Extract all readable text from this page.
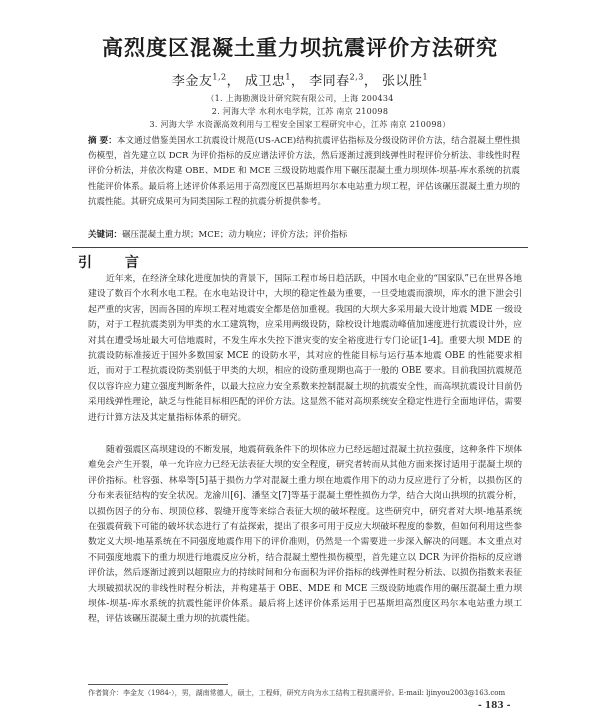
高烈度区混凝土重力坝抗震评价方法研究
李金友$^{1,2}$， 成卫忠$^1$， 李同春$^{2,3}$， 张以胜$^1$
（1. 上海勘测设计研究院有限公司，上海 200434
2. 河海大学 水利水电学院，江苏 南京 210098
3. 河海大学 水资源高效利用与工程安全国家工程研究中心，江苏 南京 210098）
摘 要：本文通过借鉴美国水工抗震设计规范(US-ACE)结构抗震评估指标及分级设防评价方法，结合混凝土塑性损伤模型，首先建立以 DCR 为评价指标的反应谱法评价方法，然后逐渐过渡到线弹性时程评价分析法、非线性时程评价分析法，并依次构建 OBE、MDE 和 MCE 三级设防地震作用下碾压混凝土重力坝坝体-坝基-库水系统的抗震性能评价体系。最后将上述评价体系运用于高烈度区巴基斯坦玛尔本电站重力坝工程，评估该碾压混凝土重力坝的抗震性能。其研究成果可为同类国际工程的抗震分析提供参考。
关键词：碾压混凝土重力坝；MCE；动力响应；评价方法；评价指标
引 言

近年来，在经济全球化进度加快的背景下，国际工程市场日趋活跃，中国水电企业的“国家队”已在世界各地建设了数百个水利水电工程。在水电站设计中，大坝的稳定性最为重要，一旦受地震而溃坝，库水的泄下泄会引起严重的灾害，因而各国的库坝工程对地震安全都是倍加重视。我国的大坝大多采用最大设计地震 MDE 一级设防，对于工程抗震类别为甲类的水工建筑物，应采用两级设防，除校设计地震动峰值加速度进行抗震设计外，应对其在遭受场址最大可信地震时，不发生库水失控下泄灾变的安全裕度进行专门论证[1-4]。重要大坝 MDE 的抗震设防标准接近于国外多数国家 MCE 的设防水平，其对应的性能目标与运行基本地震 OBE 的性能要求相近，而对于工程抗震设防类别低于甲类的大坝，相应的设防重现期也高于一般的 OBE 要求。目前我国抗震规范仅以容许应力建立强度判断条件，以最大拉应力安全系数来控制混凝土坝的抗震安全性，而高坝抗震设计目前仍采用线弹性理论，缺乏与性能目标相匹配的评价方法。这显然不能对高坝系统安全稳定性进行全面地评估，需要进行计算方法及其定量指标体系的研究。

随着强震区高坝建设的不断发展，地震荷载条件下的坝体应力已经远超过混凝土抗拉强度，这种条件下坝体难免会产生开裂，单一允许应力已经无法表征大坝的安全程度，研究者转而从其他方面来探讨适用于混凝土坝的评价指标。杜容强、林皋等[5]基于损伤力学对混凝土重力坝在地震作用下的动力反应进行了分析，以损伤区的分布来表征结构的安全状况。龙渝川[6]、潘坚文[7]等基于混凝土塑性损伤力学，结合大岗山拱坝的抗震分析，以损伤因子的分布、坝顶位移、裂缝开度等来综合表征大坝的破坏程度。这些研究中，研究者对大坝-地基系统在强震荷载下可能的破坏状态进行了有益探索，提出了很多可用于反应大坝破坏程度的参数，但如何利用这些参数定义大坝-地基系统在不同强度地震作用下的评价准则，仍然是一个需要进一步深入解决的问题。本文重点对不同强度地震下的重力坝进行地震反应分析，结合混凝土塑性损伤模型，首先建立以 DCR 为评价指标的反应谱评价法，然后逐渐过渡到以超限应力的持续时间和分布面积为评价指标的线弹性时程分析法、以损伤指数来表征大坝破损状况的非线性时程分析法，并构建基于 OBE、MDE 和 MCE 三级设防地震作用的碾压混凝土重力坝坝体-坝基-库水系统的抗震性能评价体系。最后将上述评价体系运用于巴基斯坦高烈度区玛尔本电站重力坝工程，评估该碾压混凝土重力坝的抗震性能。

作者简介：李金友（1984-），男，湖南常德人，硕士，工程师，研究方向为水工结构工程抗震评价。E-mail: ljinyou2003@163.com
- 183 -
